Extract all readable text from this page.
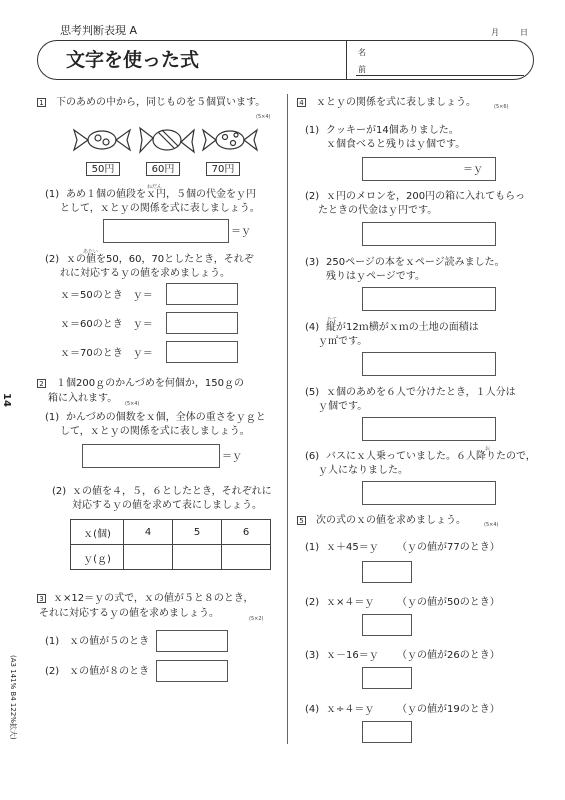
思考判断表現 A	月	日
文字を使った式	名
前
14
(A3 141% B4 122%拡大)
1 下のあめの中から，同じものを５個買います。
(5×4)
50円	60円	70円
(1)
ねだん
あめ１個の値段をｘ円，５個の代金をｙ円
として，ｘとｙの関係を式に表しましょう。
＝ｙ
(2)
あたい
ｘの値を50，60，70としたとき，それぞ
れに対応するｙの値を求めましょう。
ｘ＝50のとき　ｙ＝
ｘ＝60のとき　ｙ＝
ｘ＝70のとき　ｙ＝
2 １個200ｇのかんづめを何個か，150ｇの
箱に入れます。 (5×4)
(1) かんづめの個数をｘ個，全体の重さをｙｇと
して，ｘとｙの関係を式に表しましょう。
＝ｙ
(2) ｘの値を４，５，６としたとき，それぞれに
対応するｙの値を求めて表にしましょう。
ｘ(個)	4	5	6
ｙ(ｇ)			
3 ｘ×12＝ｙの式で，ｘの値が５と８のとき，
それに対応するｙの値を求めましょう。	(5×2)
(1)　ｘの値が５のとき
(2)　ｘの値が８のとき
4 ｘとｙの関係を式に表しましょう。	(5×6)
(1) クッキーが14個ありました。
ｘ個食べると残りはｙ個です。
＝ｙ
(2) ｘ円のメロンを，200円の箱に入れてもらっ
たときの代金はｙ円です。
(3) 250ページの本をｘページ読みました。
残りはｙページです。
(4)
たて
縦が12ｍ横がｘｍの土地の面積は
ｙ㎡です。
(5) ｘ個のあめを６人で分けたとき，１人分は
ｙ個です。
(6)
お
バスにｘ人乗っていました。６人降りたので，
ｙ人になりました。
5 次の式のｘの値を求めましょう。	(5×4)
(1) ｘ＋45＝ｙ （ｙの値が77のとき）
(2) ｘ×４＝ｙ （ｙの値が50のとき）
(3) ｘ－16＝ｙ （ｙの値が26のとき）
(4) ｘ÷４＝ｙ （ｙの値が19のとき）
